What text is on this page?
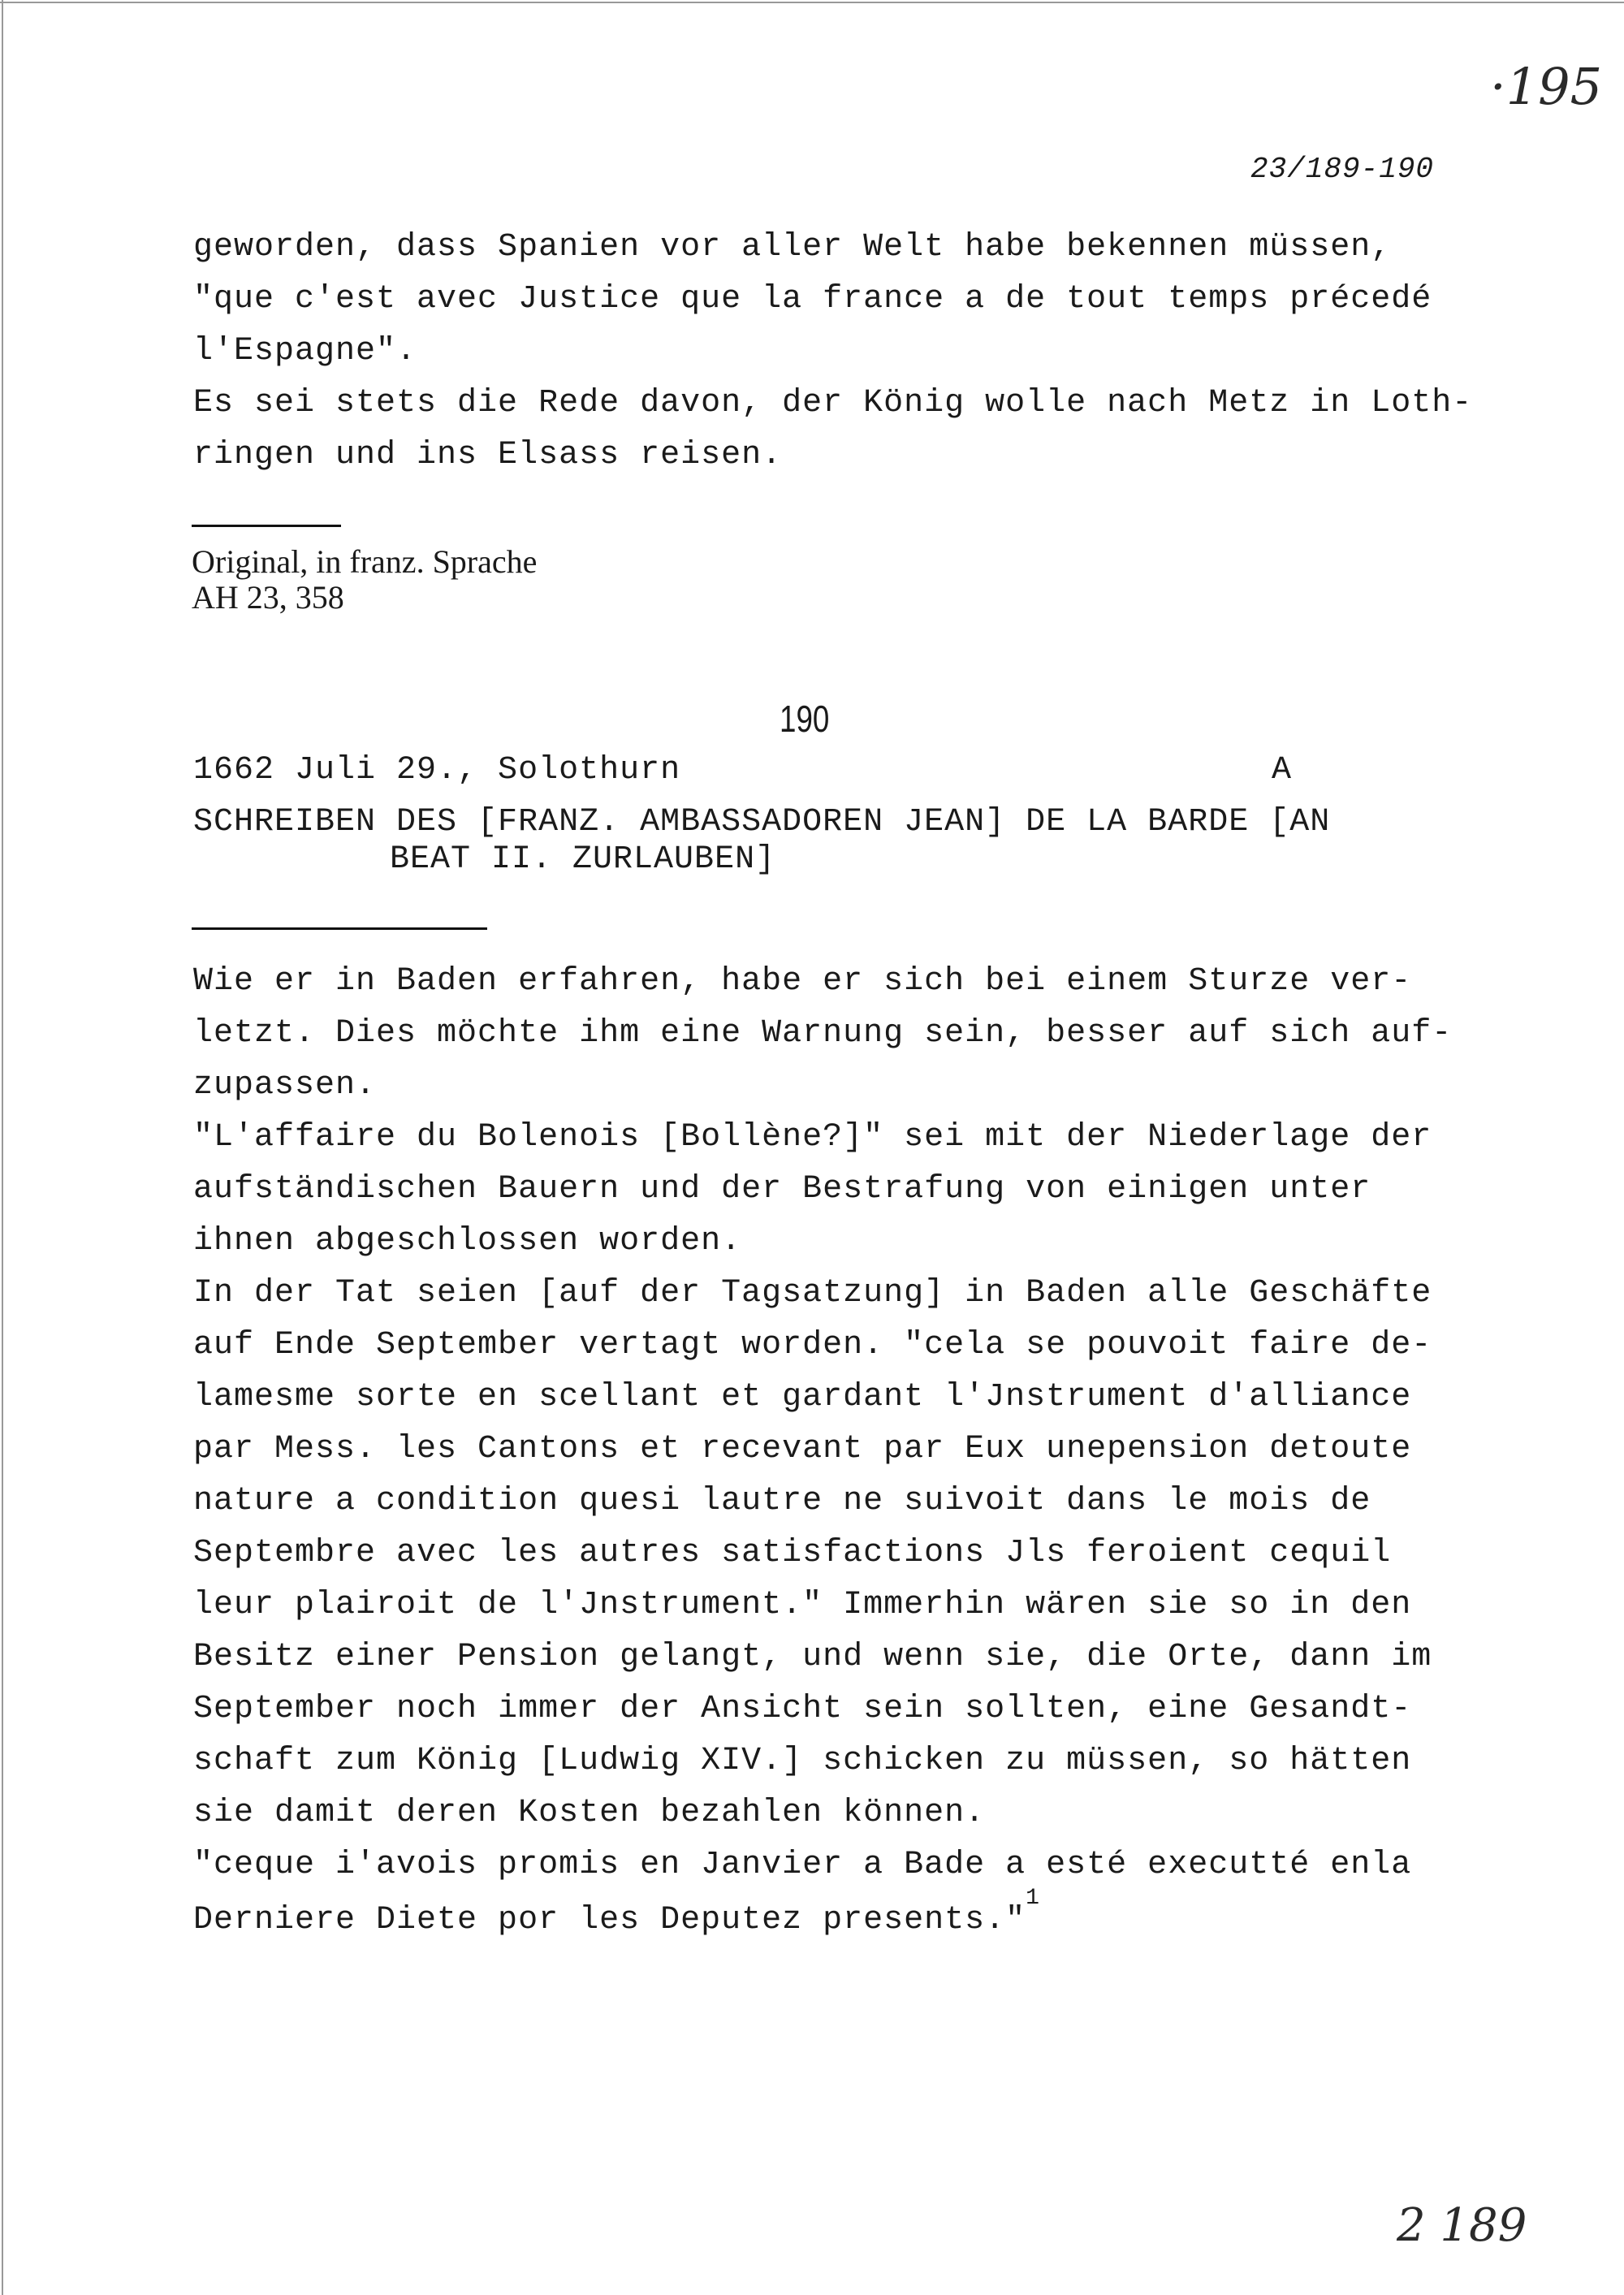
·195
23/189-190
geworden, dass Spanien vor aller Welt habe bekennen müssen,
"que c'est avec Justice que la france a de tout temps précedé
l'Espagne".
Es sei stets die Rede davon, der König wolle nach Metz in Loth-
ringen und ins Elsass reisen.
Original, in franz. Sprache
AH 23, 358
190
1662 Juli 29., Solothurn	A
SCHREIBEN DES [FRANZ. AMBASSADOREN JEAN] DE LA BARDE [AN
BEAT II. ZURLAUBEN]
Wie er in Baden erfahren, habe er sich bei einem Sturze ver-
letzt. Dies möchte ihm eine Warnung sein, besser auf sich auf-
zupassen.
"L'affaire du Bolenois [Bollène?]" sei mit der Niederlage der
aufständischen Bauern und der Bestrafung von einigen unter
ihnen abgeschlossen worden.
In der Tat seien [auf der Tagsatzung] in Baden alle Geschäfte
auf Ende September vertagt worden. "cela se pouvoit faire de-
lamesme sorte en scellant et gardant l'Jnstrument d'alliance
par Mess. les Cantons et recevant par Eux unepension detoute
nature a condition quesi lautre ne suivoit dans le mois de
Septembre avec les autres satisfactions Jls feroient cequil
leur plairoit de l'Jnstrument." Immerhin wären sie so in den
Besitz einer Pension gelangt, und wenn sie, die Orte, dann im
September noch immer der Ansicht sein sollten, eine Gesandt-
schaft zum König [Ludwig XIV.] schicken zu müssen, so hätten
sie damit deren Kosten bezahlen können.
"ceque i'avois promis en Janvier a Bade a esté executté enla
Derniere Diete por les Deputez presents."$^1$
2 189
